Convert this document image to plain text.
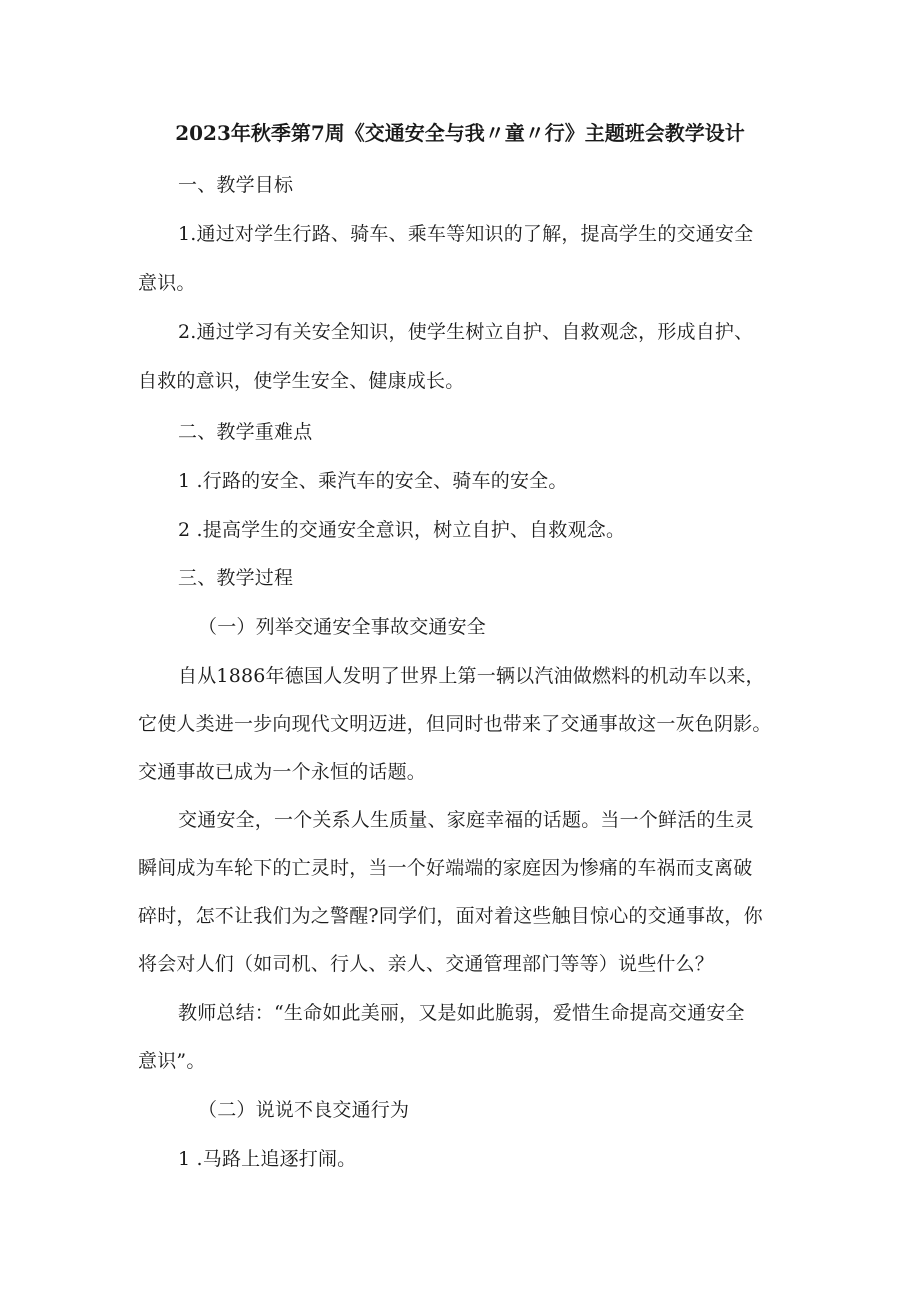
2023年秋季第7周《交通安全与我〃童〃行》主题班会教学设计

一、教学目标

1.通过对学生行路、骑车、乘车等知识的了解，提高学生的交通安全

意识。

2.通过学习有关安全知识，使学生树立自护、自救观念，形成自护、

自救的意识，使学生安全、健康成长。

二、教学重难点

1 .行路的安全、乘汽车的安全、骑车的安全。

2 .提高学生的交通安全意识，树立自护、自救观念。

三、教学过程

（一）列举交通安全事故交通安全

自从1886年德国人发明了世界上第一辆以汽油做燃料的机动车以来，

它使人类进一步向现代文明迈进，但同时也带来了交通事故这一灰色阴影。

交通事故已成为一个永恒的话题。

交通安全，一个关系人生质量、家庭幸福的话题。当一个鲜活的生灵

瞬间成为车轮下的亡灵时，当一个好端端的家庭因为惨痛的车祸而支离破

碎时，怎不让我们为之警醒?同学们，面对着这些触目惊心的交通事故，你

将会对人们（如司机、行人、亲人、交通管理部门等等）说些什么？

教师总结：“生命如此美丽，又是如此脆弱，爱惜生命提高交通安全

意识”。

（二）说说不良交通行为

1 .马路上追逐打闹。
